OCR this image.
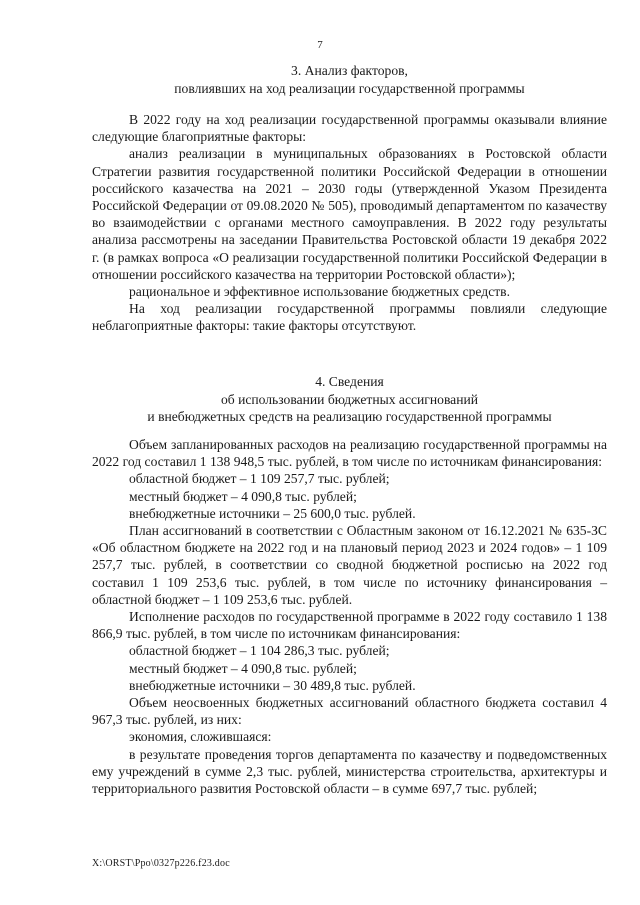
7
3. Анализ факторов,
повлиявших на ход реализации государственной программы

В 2022 году на ход реализации государственной программы оказывали влияние следующие благоприятные факторы:

анализ реализации в муниципальных образованиях в Ростовской области Стратегии развития государственной политики Российской Федерации в отношении российского казачества на 2021 – 2030 годы (утвержденной Указом Президента Российской Федерации от 09.08.2020 № 505), проводимый департаментом по казачеству во взаимодействии с органами местного самоуправления. В 2022 году результаты анализа рассмотрены на заседании Правительства Ростовской области 19 декабря 2022 г. (в рамках вопроса «О реализации государственной политики Российской Федерации в отношении российского казачества на территории Ростовской области»);

рациональное и эффективное использование бюджетных средств.

На ход реализации государственной программы повлияли следующие неблагоприятные факторы: такие факторы отсутствуют.

4. Сведения
об использовании бюджетных ассигнований
и внебюджетных средств на реализацию государственной программы

Объем запланированных расходов на реализацию государственной программы на 2022 год составил 1 138 948,5 тыс. рублей, в том числе по источникам финансирования:

областной бюджет – 1 109 257,7 тыс. рублей;

местный бюджет – 4 090,8 тыс. рублей;

внебюджетные источники – 25 600,0 тыс. рублей.

План ассигнований в соответствии с Областным законом от 16.12.2021 № 635-ЗС «Об областном бюджете на 2022 год и на плановый период 2023 и 2024 годов» – 1 109 257,7 тыс. рублей, в соответствии со сводной бюджетной росписью на 2022 год составил 1 109 253,6 тыс. рублей, в том числе по источнику финансирования – областной бюджет – 1 109 253,6 тыс. рублей.

Исполнение расходов по государственной программе в 2022 году составило 1 138 866,9 тыс. рублей, в том числе по источникам финансирования:

областной бюджет – 1 104 286,3 тыс. рублей;

местный бюджет – 4 090,8 тыс. рублей;

внебюджетные источники – 30 489,8 тыс. рублей.

Объем неосвоенных бюджетных ассигнований областного бюджета составил 4 967,3 тыс. рублей, из них:

экономия, сложившаяся:

в результате проведения торгов департамента по казачеству и подведомственных ему учреждений в сумме 2,3 тыс. рублей, министерства строительства, архитектуры и территориального развития Ростовской области – в сумме 697,7 тыс. рублей;

X:\ORST\Ppo\0327p226.f23.doc
